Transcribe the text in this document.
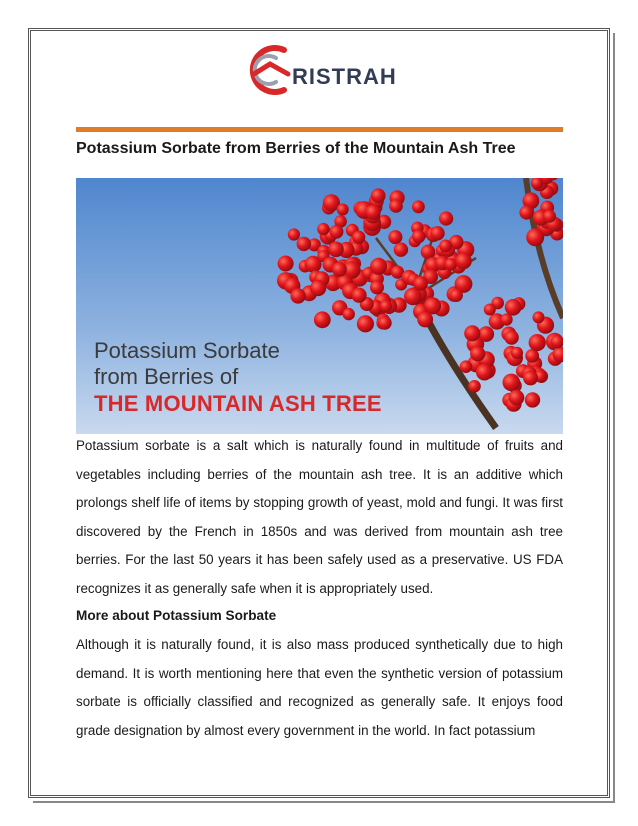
RISTRAH
Potassium Sorbate from Berries of the Mountain Ash Tree
Potassium Sorbate
from Berries of
THE MOUNTAIN ASH TREE

Potassium sorbate is a salt which is naturally found in multitude of fruits and vegetables including berries of the mountain ash tree. It is an additive which prolongs shelf life of items by stopping growth of yeast, mold and fungi. It was first discovered by the French in 1850s and was derived from mountain ash tree berries. For the last 50 years it has been safely used as a preservative. US FDA recognizes it as generally safe when it is appropriately used.

More about Potassium Sorbate

Although it is naturally found, it is also mass produced synthetically due to high demand. It is worth mentioning here that even the synthetic version of potassium sorbate is officially classified and recognized as generally safe. It enjoys food grade designation by almost every government in the world. In fact potassium
